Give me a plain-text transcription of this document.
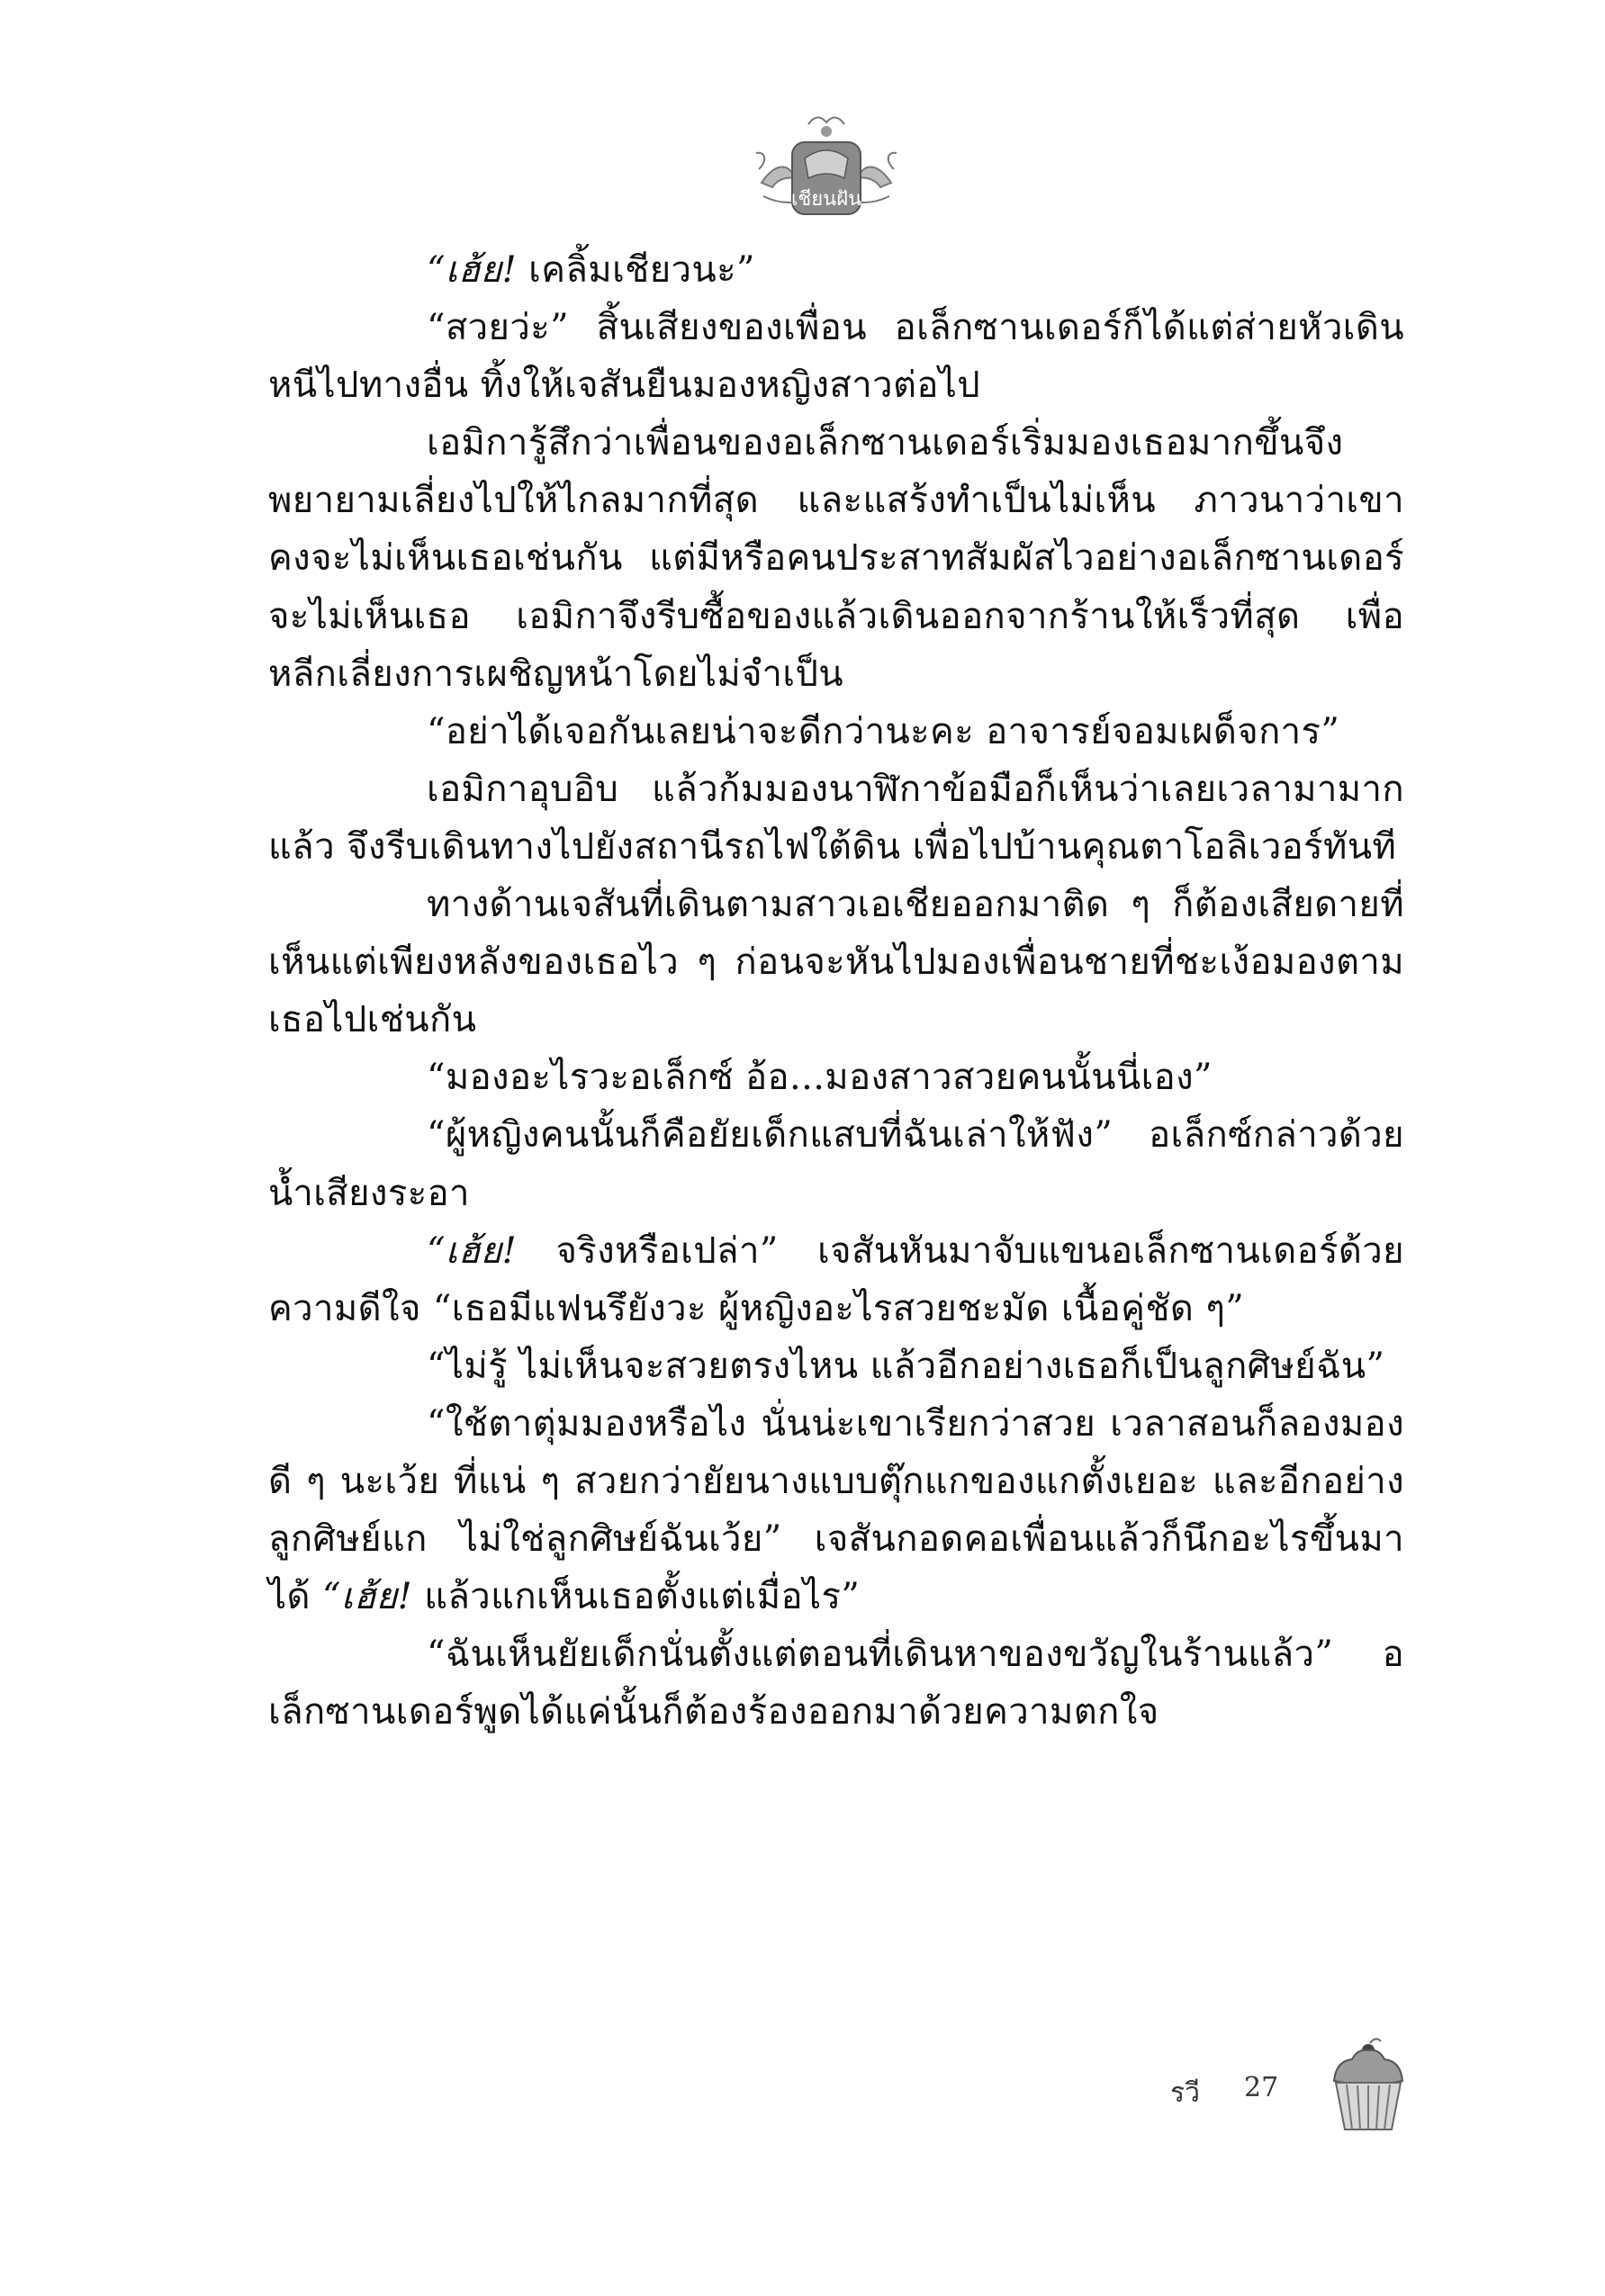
เชียนฝัน

“เฮ้ย! เคลิ้มเชียวนะ”

“สวยว่ะ” สิ้นเสียงของเพื่อน อเล็กซานเดอร์ก็ได้แต่ส่ายหัวเดินหนีไปทางอื่น ทิ้งให้เจสันยืนมองหญิงสาวต่อไป

เอมิการู้สึกว่าเพื่อนของอเล็กซานเดอร์เริ่มมองเธอมากขึ้นจึงพยายามเลี่ยงไปให้ไกลมากที่สุด และแสร้งทำเป็นไม่เห็น ภาวนาว่าเขาคงจะไม่เห็นเธอเช่นกัน แต่มีหรือคนประสาทสัมผัสไวอย่างอเล็กซานเดอร์จะไม่เห็นเธอ เอมิกาจึงรีบซื้อของแล้วเดินออกจากร้านให้เร็วที่สุด เพื่อหลีกเลี่ยงการเผชิญหน้าโดยไม่จำเป็น

“อย่าได้เจอกันเลยน่าจะดีกว่านะคะ อาจารย์จอมเผด็จการ”

เอมิกาอุบอิบ แล้วก้มมองนาฬิกาข้อมือก็เห็นว่าเลยเวลามามากแล้ว จึงรีบเดินทางไปยังสถานีรถไฟใต้ดิน เพื่อไปบ้านคุณตาโอลิเวอร์ทันที

ทางด้านเจสันที่เดินตามสาวเอเชียออกมาติด ๆ ก็ต้องเสียดายที่เห็นแต่เพียงหลังของเธอไว ๆ ก่อนจะหันไปมองเพื่อนชายที่ชะเง้อมองตามเธอไปเช่นกัน

“มองอะไรวะอเล็กซ์ อ้อ...มองสาวสวยคนนั้นนี่เอง”

“ผู้หญิงคนนั้นก็คือยัยเด็กแสบที่ฉันเล่าให้ฟัง” อเล็กซ์กล่าวด้วยน้ำเสียงระอา

“เฮ้ย! จริงหรือเปล่า” เจสันหันมาจับแขนอเล็กซานเดอร์ด้วยความดีใจ “เธอมีแฟนรึยังวะ ผู้หญิงอะไรสวยชะมัด เนื้อคู่ชัด ๆ”

“ไม่รู้ ไม่เห็นจะสวยตรงไหน แล้วอีกอย่างเธอก็เป็นลูกศิษย์ฉัน”

“ใช้ตาตุ่มมองหรือไง นั่นน่ะเขาเรียกว่าสวย เวลาสอนก็ลองมองดี ๆ นะเว้ย ที่แน่ ๆ สวยกว่ายัยนางแบบตุ๊กแกของแกตั้งเยอะ และอีกอย่างลูกศิษย์แก ไม่ใช่ลูกศิษย์ฉันเว้ย” เจสันกอดคอเพื่อนแล้วก็นึกอะไรขึ้นมาได้ “เฮ้ย! แล้วแกเห็นเธอตั้งแต่เมื่อไร”

“ฉันเห็นยัยเด็กนั่นตั้งแต่ตอนที่เดินหาของขวัญในร้านแล้ว” อเล็กซานเดอร์พูดได้แค่นั้นก็ต้องร้องออกมาด้วยความตกใจ

รวี 27
